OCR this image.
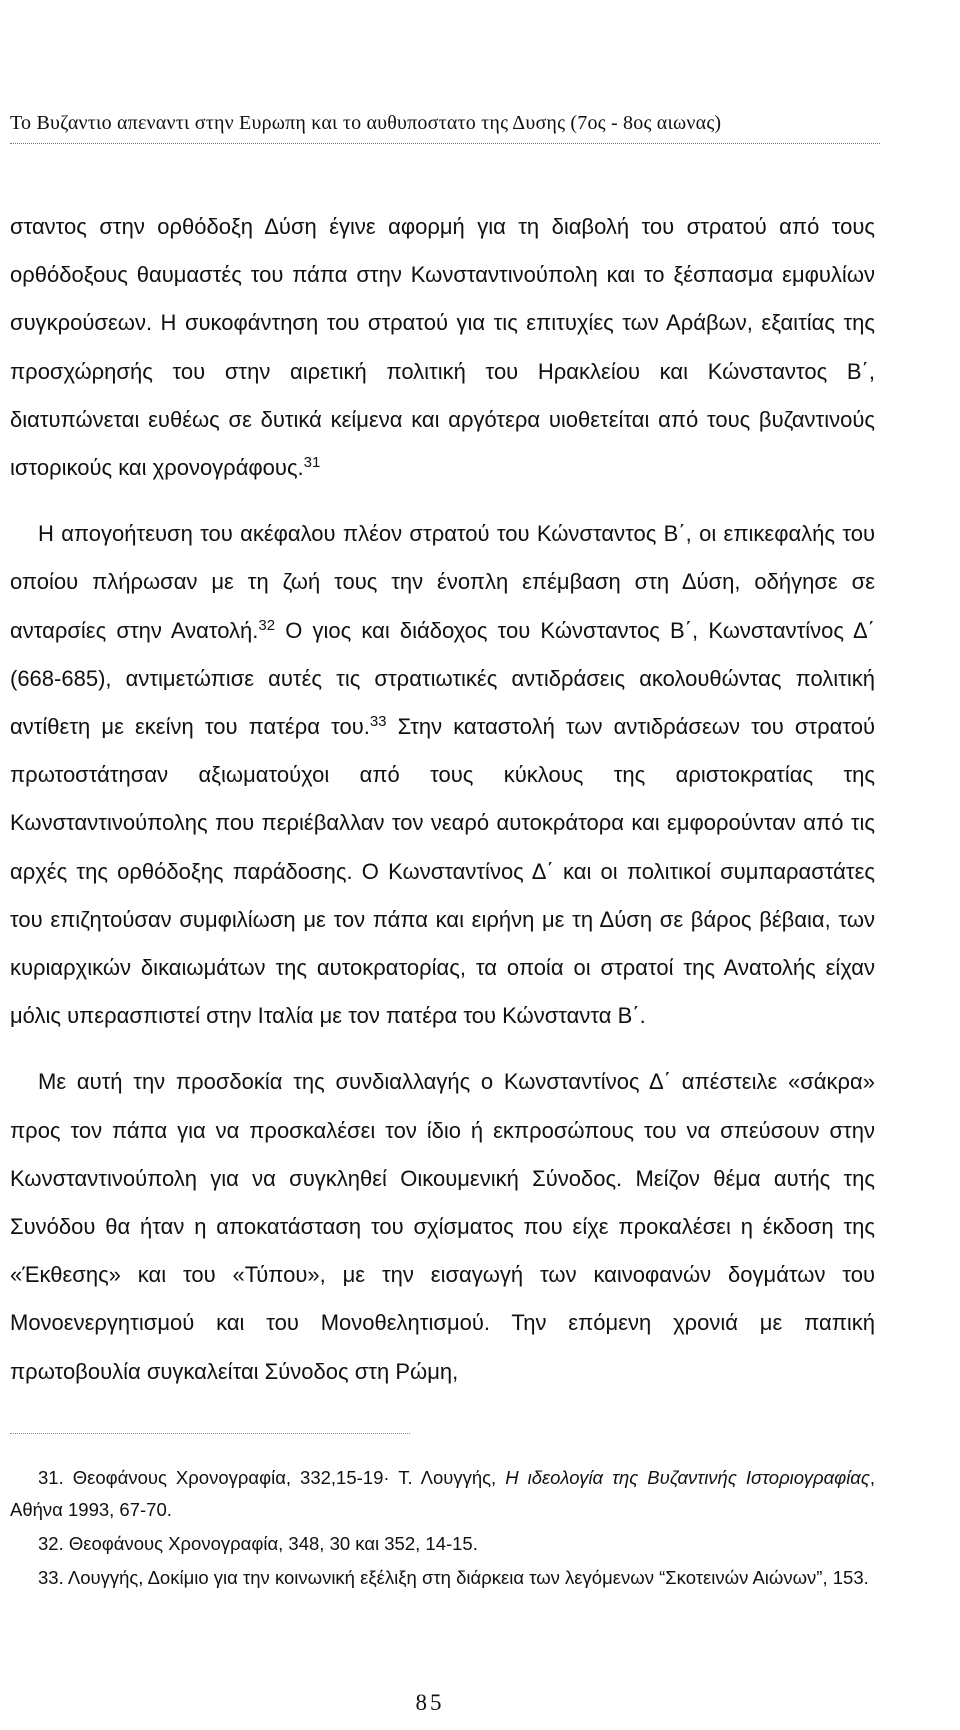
Το Βυζαντιο απεναντι στην Ευρωπη και το αυθυποστατο της Δυσης (7ος - 8ος αιωνας)

σταντος στην ορθόδοξη Δύση έγινε αφορμή για τη διαβολή του στρατού από τους ορθόδοξους θαυμαστές του πάπα στην Κωνσταντινούπολη και το ξέσπασμα εμφυλίων συγκρούσεων. Η συκοφάντηση του στρατού για τις επιτυχίες των Αράβων, εξαιτίας της προσχώρησής του στην αιρετική πολιτική του Ηρακλείου και Κώνσταντος Β΄, διατυπώνεται ευθέως σε δυτικά κείμενα και αργότερα υιοθετείται από τους βυζαντινούς ιστορικούς και χρονογράφους.$^{31}$

Η απογοήτευση του ακέφαλου πλέον στρατού του Κώνσταντος Β΄, οι επικεφαλής του οποίου πλήρωσαν με τη ζωή τους την ένοπλη επέμβαση στη Δύση, οδήγησε σε ανταρσίες στην Ανατολή.$^{32}$ Ο γιος και διάδοχος του Κώνσταντος Β΄, Κωνσταντίνος Δ΄ (668-685), αντιμετώπισε αυτές τις στρατιωτικές αντιδράσεις ακολουθώντας πολιτική αντίθετη με εκείνη του πατέρα του.$^{33}$ Στην καταστολή των αντιδράσεων του στρατού πρωτοστάτησαν αξιωματούχοι από τους κύκλους της αριστοκρατίας της Κωνσταντινούπολης που περιέβαλλαν τον νεαρό αυτοκράτορα και εμφορούνταν από τις αρχές της ορθόδοξης παράδοσης. Ο Κωνσταντίνος Δ΄ και οι πολιτικοί συμπαραστάτες του επιζητούσαν συμφιλίωση με τον πάπα και ειρήνη με τη Δύση σε βάρος βέβαια, των κυριαρχικών δικαιωμάτων της αυτοκρατορίας, τα οποία οι στρατοί της Ανατολής είχαν μόλις υπερασπιστεί στην Ιταλία με τον πατέρα του Κώνσταντα Β΄.

Με αυτή την προσδοκία της συνδιαλλαγής ο Κωνσταντίνος Δ΄ απέστειλε «σάκρα» προς τον πάπα για να προσκαλέσει τον ίδιο ή εκπροσώπους του να σπεύσουν στην Κωνσταντινούπολη για να συγκληθεί Οικουμενική Σύνοδος. Μείζον θέμα αυτής της Συνόδου θα ήταν η αποκατάσταση του σχίσματος που είχε προκαλέσει η έκδοση της «Έκθεσης» και του «Τύπου», με την εισαγωγή των καινοφανών δογμάτων του Μονοενεργητισμού και του Μονοθελητισμού. Την επόμενη χρονιά με παπική πρωτοβουλία συγκαλείται Σύνοδος στη Ρώμη,

31. Θεοφάνους Χρονογραφία, 332,15-19· Τ. Λουγγής, Η ιδεολογία της Βυζαντινής Ιστοριογραφίας, Αθήνα 1993, 67-70.

32. Θεοφάνους Χρονογραφία, 348, 30 και 352, 14-15.

33. Λουγγής, Δοκίμιο για την κοινωνική εξέλιξη στη διάρκεια των λεγόμενων “Σκοτεινών Αιώνων”, 153.

85
